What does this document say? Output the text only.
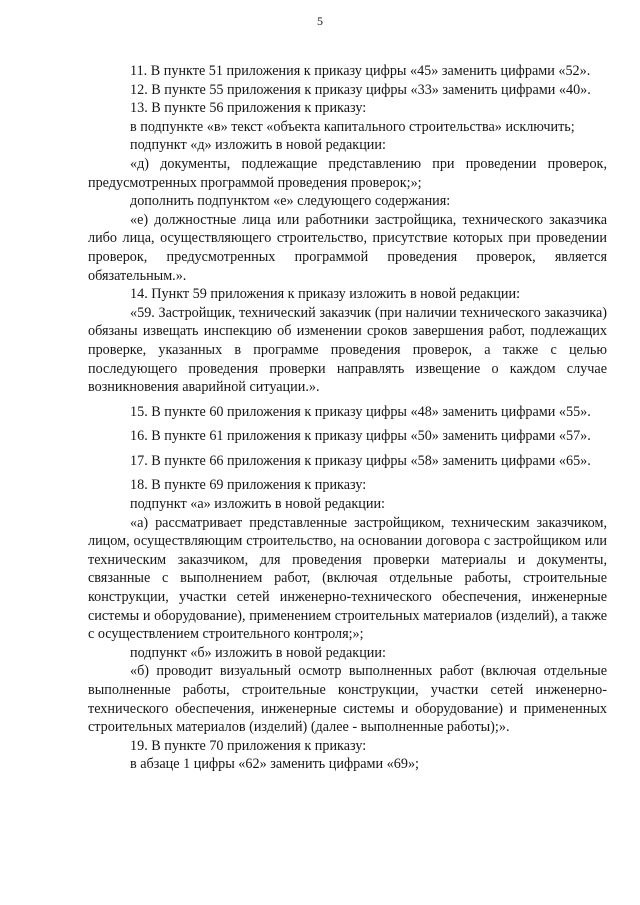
5

11. В пункте 51 приложения к приказу цифры «45» заменить цифрами «52».

12. В пункте 55 приложения к приказу цифры «33» заменить цифрами «40».

13. В пункте 56 приложения к приказу:

в подпункте «в» текст «объекта капитального строительства» исключить;

подпункт «д» изложить в новой редакции:

«д) документы, подлежащие представлению при проведении проверок, предусмотренных программой проведения проверок;»;

дополнить подпунктом «е» следующего содержания:

«е) должностные лица или работники застройщика, технического заказчика либо лица, осуществляющего строительство, присутствие которых при проведении проверок, предусмотренных программой проведения проверок, является обязательным.».

14. Пункт 59 приложения к приказу изложить в новой редакции:

«59. Застройщик, технический заказчик (при наличии технического заказчика) обязаны извещать инспекцию об изменении сроков завершения работ, подлежащих проверке, указанных в программе проведения проверок, а также с целью последующего проведения проверки направлять извещение о каждом случае возникновения аварийной ситуации.».

15. В пункте 60 приложения к приказу цифры «48» заменить цифрами «55».

16. В пункте 61 приложения к приказу цифры «50» заменить цифрами «57».

17. В пункте 66 приложения к приказу цифры «58» заменить цифрами «65».

18. В пункте 69 приложения к приказу:

подпункт «а» изложить в новой редакции:

«а) рассматривает представленные застройщиком, техническим заказчиком, лицом, осуществляющим строительство, на основании договора с застройщиком или техническим заказчиком, для проведения проверки материалы и документы, связанные с выполнением работ, (включая отдельные работы, строительные конструкции, участки сетей инженерно-технического обеспечения, инженерные системы и оборудование), применением строительных материалов (изделий), а также с осуществлением строительного контроля;»;

подпункт «б» изложить в новой редакции:

«б) проводит визуальный осмотр выполненных работ (включая отдельные выполненные работы, строительные конструкции, участки сетей инженерно-технического обеспечения, инженерные системы и оборудование) и примененных строительных материалов (изделий) (далее - выполненные работы);».

19. В пункте 70 приложения к приказу:

в абзаце 1 цифры «62» заменить цифрами «69»;
